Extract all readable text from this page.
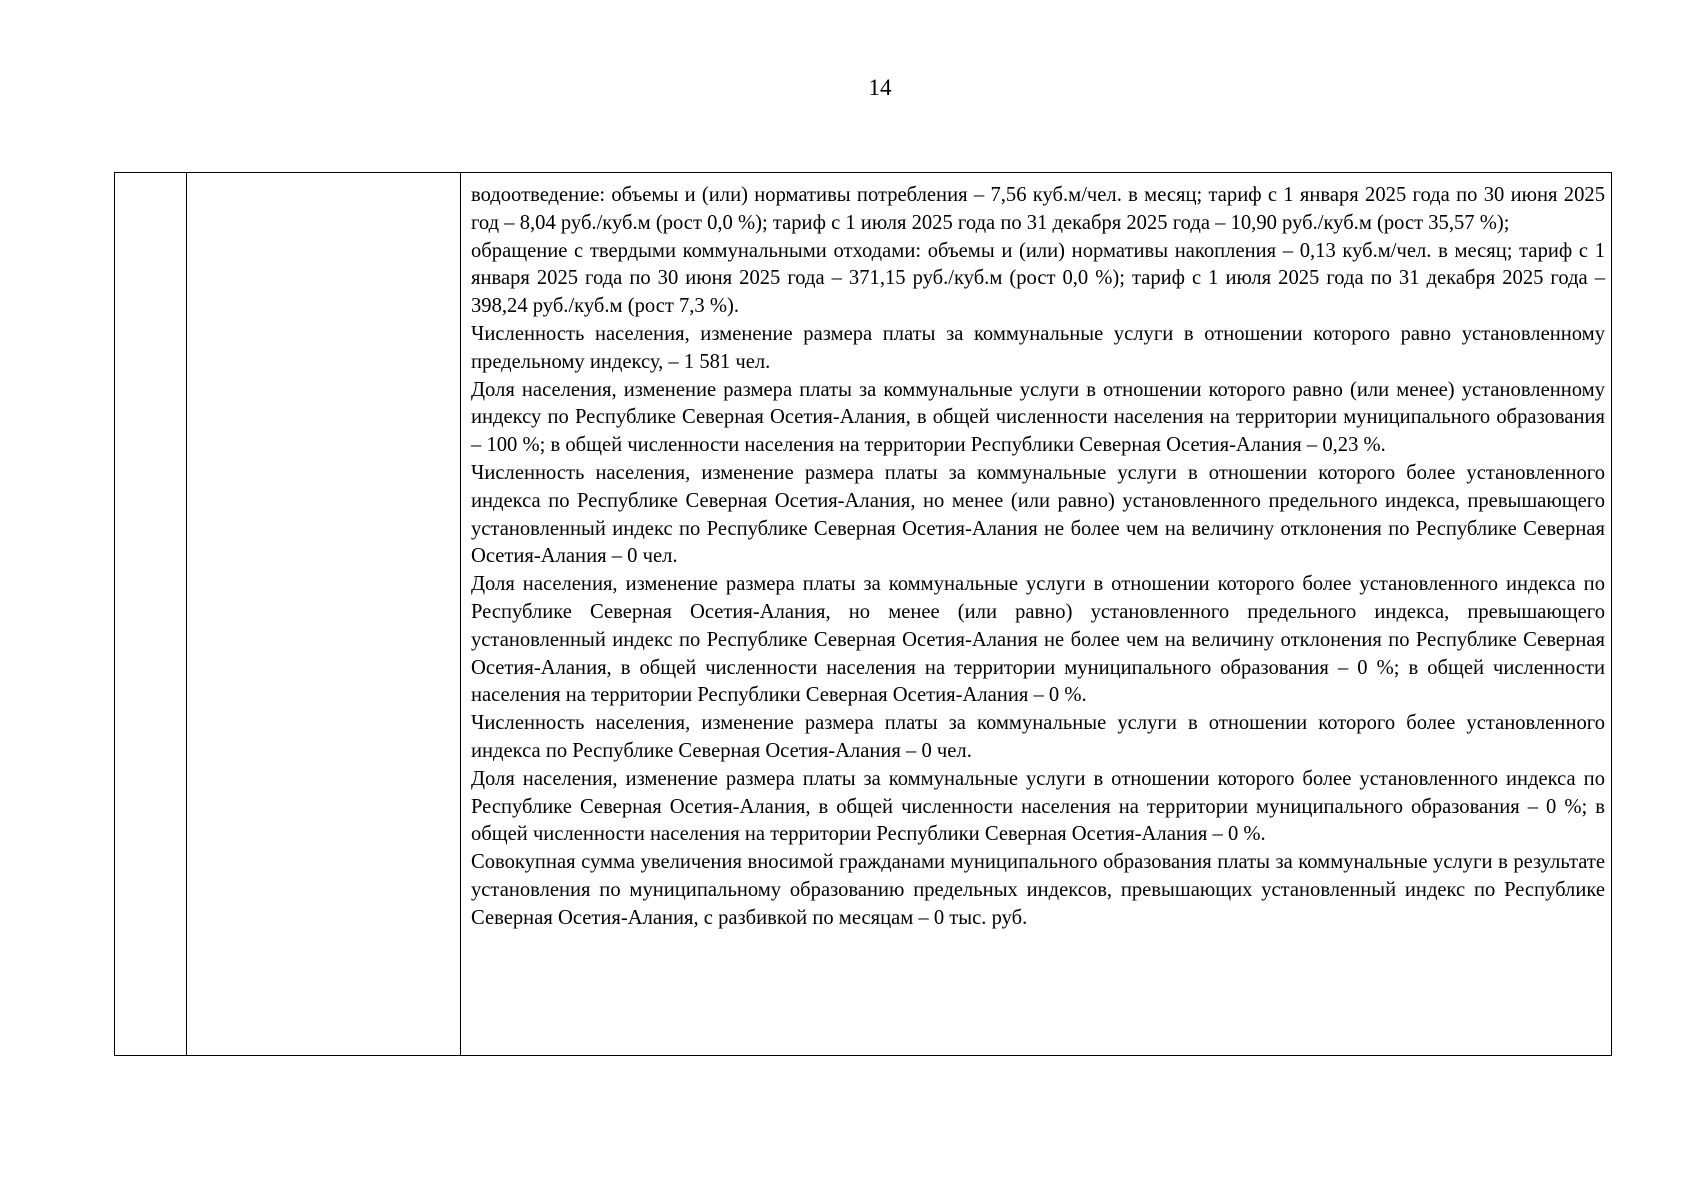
14

водоотведение: объемы и (или) нормативы потребления – 7,56 куб.м/чел. в месяц; тариф с 1 января 2025 года по 30 июня 2025 год – 8,04 руб./куб.м (рост 0,0 %); тариф с 1 июля 2025 года по 31 декабря 2025 года – 10,90 руб./куб.м (рост 35,57 %);

обращение с твердыми коммунальными отходами: объемы и (или) нормативы накопления – 0,13 куб.м/чел. в месяц; тариф с 1 января 2025 года по 30 июня 2025 года – 371,15 руб./куб.м (рост 0,0 %); тариф с 1 июля 2025 года по 31 декабря 2025 года –398,24 руб./куб.м (рост 7,3 %).

Численность населения, изменение размера платы за коммунальные услуги в отношении которого равно установленному предельному индексу, – 1 581 чел.

Доля населения, изменение размера платы за коммунальные услуги в отношении которого равно (или менее) установленному индексу по Республике Северная Осетия-Алания, в общей численности населения на территории муниципального образования – 100 %; в общей численности населения на территории Республики Северная Осетия-Алания – 0,23 %.

Численность населения, изменение размера платы за коммунальные услуги в отношении которого более установленного индекса по Республике Северная Осетия-Алания, но менее (или равно) установленного предельного индекса, превышающего установленный индекс по Республике Северная Осетия-Алания не более чем на величину отклонения по Республике Северная Осетия-Алания – 0 чел.

Доля населения, изменение размера платы за коммунальные услуги в отношении которого более установленного индекса по Республике Северная Осетия-Алания, но менее (или равно) установленного предельного индекса, превышающего установленный индекс по Республике Северная Осетия-Алания не более чем на величину отклонения по Республике Северная Осетия-Алания, в общей численности населения на территории муниципального образования – 0 %; в общей численности населения на территории Республики Северная Осетия-Алания – 0 %.

Численность населения, изменение размера платы за коммунальные услуги в отношении которого более установленного индекса по Республике Северная Осетия-Алания – 0 чел.

Доля населения, изменение размера платы за коммунальные услуги в отношении которого более установленного индекса по Республике Северная Осетия-Алания, в общей численности населения на территории муниципального образования – 0 %; в общей численности населения на территории Республики Северная Осетия-Алания – 0 %.

Совокупная сумма увеличения вносимой гражданами муниципального образования платы за коммунальные услуги в результате установления по муниципальному образованию предельных индексов, превышающих установленный индекс по Республике Северная Осетия-Алания, с разбивкой по месяцам – 0 тыс. руб.
